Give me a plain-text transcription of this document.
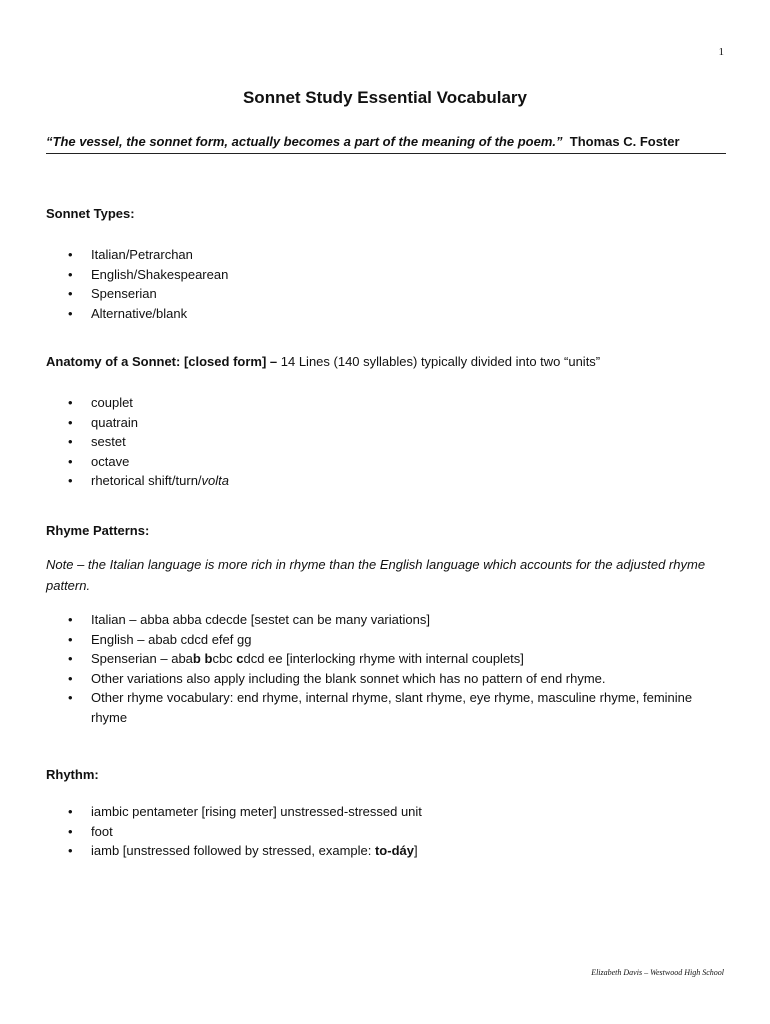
1
Sonnet Study Essential Vocabulary
“The vessel, the sonnet form, actually becomes a part of the meaning of the poem.” Thomas C. Foster

Sonnet Types:

• Italian/Petrarchan
• English/Shakespearean
• Spenserian
• Alternative/blank

Anatomy of a Sonnet: [closed form] – 14 Lines (140 syllables) typically divided into two “units”

• couplet
• quatrain
• sestet
• octave
• rhetorical shift/turn/volta

Rhyme Patterns:

Note – the Italian language is more rich in rhyme than the English language which accounts for the adjusted rhyme pattern.

• Italian – abba abba cdecde [sestet can be many variations]
• English – abab cdcd efef gg
• Spenserian – abab bcbc cdcd ee [interlocking rhyme with internal couplets]
• Other variations also apply including the blank sonnet which has no pattern of end rhyme.
• Other rhyme vocabulary: end rhyme, internal rhyme, slant rhyme, eye rhyme, masculine rhyme, feminine rhyme

Rhythm:

• iambic pentameter [rising meter] unstressed-stressed unit
• foot
• iamb [unstressed followed by stressed, example: to-dáy]
Elizabeth Davis – Westwood High School
